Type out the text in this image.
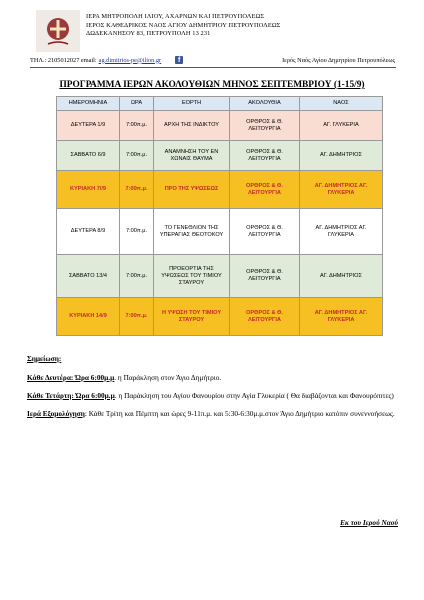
ΙΕΡΑ ΜΗΤΡΟΠΟΛΗ ΙΛΙΟΥ, ΑΧΑΡΝΩΝ ΚΑΙ ΠΕΤΡΟΥΠΟΛΕΩΣ
ΙΕΡΟΣ ΚΑΘΕΔΡΙΚΟΣ ΝΑΟΣ ΑΓΙΟΥ ΔΗΜΗΤΡΙΟΥ ΠΕΤΡΟΥΠΟΛΕΩΣ
ΔΩΔΕΚΑΝΗΣΟΥ 83, ΠΕΤΡΟΥΠΟΛΗ 13 231
ΤΗΛ.: 2105012027 email: ag.dimitrios-pe@ilion.gr	f	Ιερός Ναός Αγίου Δημητρίου Πετρουπόλεως
ΠΡΟΓΡΑΜΜΑ ΙΕΡΩΝ ΑΚΟΛΟΥΘΙΩΝ ΜΗΝΟΣ ΣΕΠΤΕΜΒΡΙΟΥ (1-15/9)
ΗΜΕΡΟΜΗΝΙΑ	ΩΡΑ	ΕΟΡΤΗ	ΑΚΟΛΟΥΘΙΑ	ΝΑΟΣ
ΔΕΥΤΕΡΑ 1/9	7:00π.μ.	ΑΡΧΗ ΤΗΣ ΙΝΔΙΚΤΟΥ	ΟΡΘΡΟΣ & Θ. ΛΕΙΤΟΥΡΓΙΑ	ΑΓ. ΓΛΥΚΕΡΙΑ
ΣΑΒΒΑΤΟ 6/9	7:00π.μ.	ΑΝΑΜΝΗΣΗ ΤΟΥ ΕΝ ΧΩΝΑΙΣ ΘΑΥΜΑ	ΟΡΘΡΟΣ & Θ. ΛΕΙΤΟΥΡΓΙΑ	ΑΓ. ΔΗΜΗΤΡΙΟΣ
ΚΥΡΙΑΚΗ 7//9	7:00π.μ.	ΠΡΟ ΤΗΣ ΥΨΩΣΕΩΣ	ΟΡΘΡΟΣ & Θ. ΛΕΙΤΟΥΡΓΙΑ	ΑΓ. ΔΗΜΗΤΡΙΟΣ ΑΓ. ΓΛΥΚΕΡΙΑ
ΔΕΥΤΕΡΑ 8/9	7:00π.μ.	ΤΟ ΓΕΝΕΘΛΙΟΝ ΤΗΣ ΥΠΕΡΑΓΙΑΣ ΘΕΟΤΟΚΟΥ	ΟΡΘΡΟΣ & Θ. ΛΕΙΤΟΥΡΓΙΑ	ΑΓ. ΔΗΜΗΤΡΙΟΣ ΑΓ. ΓΛΥΚΕΡΙΑ
ΣΑΒΒΑΤΟ 13/4	7:00π.μ.	ΠΡΟΕΟΡΤΙΑ ΤΗΣ ΥΨΩΣΕΩΣ ΤΟΥ ΤΙΜΙΟΥ ΣΤΑΥΡΟΥ	ΟΡΘΡΟΣ & Θ. ΛΕΙΤΟΥΡΓΙΑ	ΑΓ. ΔΗΜΗΤΡΙΟΣ
ΚΥΡΙΑΚΗ 14/9	7:00π.μ.	Η ΥΨΩΣΗ ΤΟΥ ΤΙΜΙΟΥ ΣΤΑΥΡΟΥ	ΟΡΘΡΟΣ & Θ. ΛΕΙΤΟΥΡΓΙΑ	ΑΓ. ΔΗΜΗΤΡΙΟΣ ΑΓ. ΓΛΥΚΕΡΙΑ
Σημείωση:

Κάθε Δευτέρα: Ώρα 6:00μ.μ. η Παράκληση στον Άγιο Δημήτριο.

Κάθε Τετάρτη: Ώρα 6:00μ.μ. η Παράκληση του Αγίου Φανουρίου στην Αγία Γλυκερία ( Θα διαβάζονται και Φανουρόπιτες)

Ιερά Εξομολόγηση: Κάθε Τρίτη και Πέμπτη και ώρες 9-11π.μ. και 5:30-6:30μ.μ.στον Άγιο Δημήτριο κατόπιν συνεννοήσεως.

Εκ του Ιερού Ναού
